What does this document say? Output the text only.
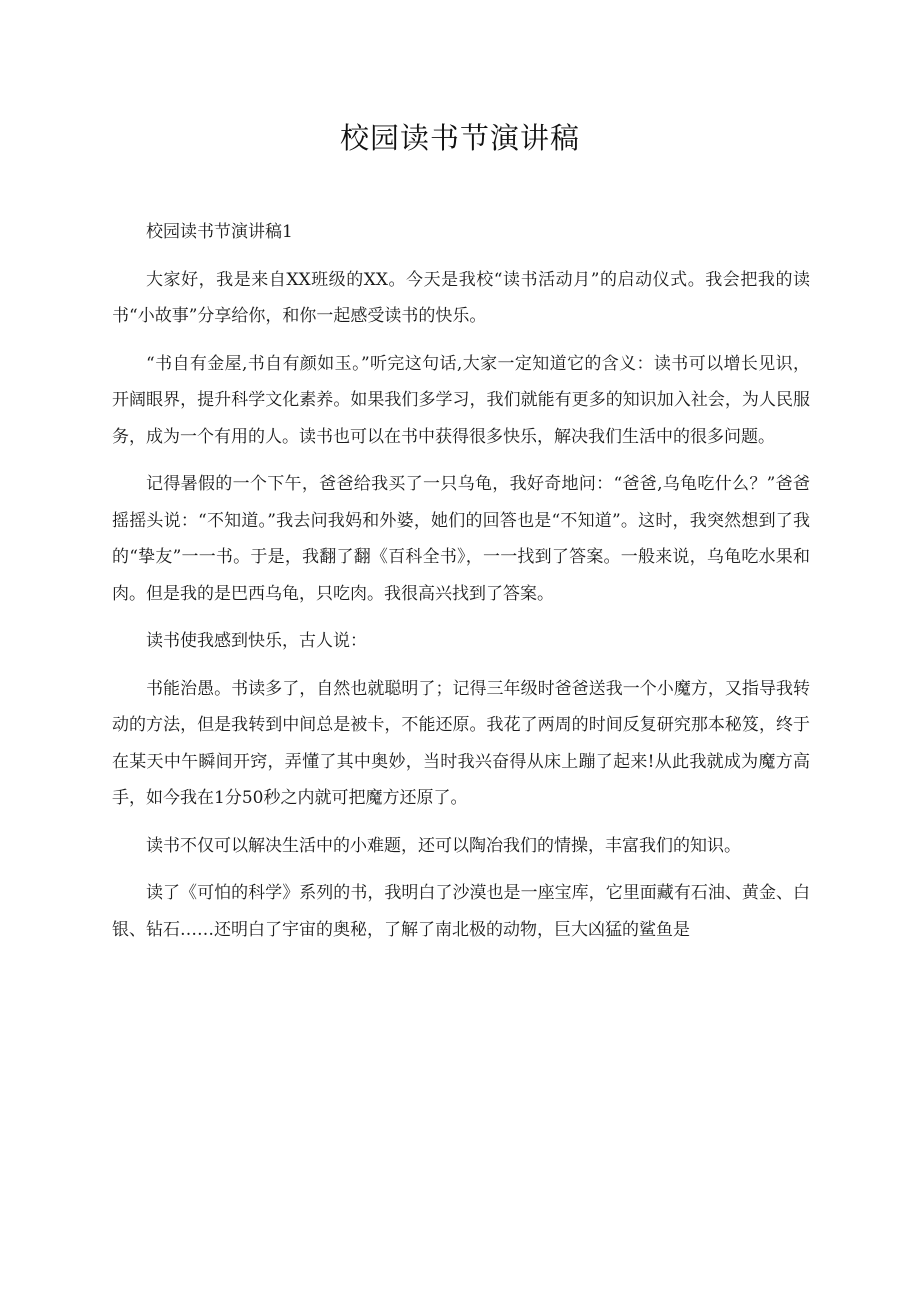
校园读书节演讲稿

校园读书节演讲稿1

大家好，我是来自XX班级的XX。今天是我校“读书活动月”的启动仪式。我会把我的读书“小故事”分享给你，和你一起感受读书的快乐。

“书自有金屋,书自有颜如玉。”听完这句话,大家一定知道它的含义：读书可以增长见识，开阔眼界，提升科学文化素养。如果我们多学习，我们就能有更多的知识加入社会，为人民服务，成为一个有用的人。读书也可以在书中获得很多快乐，解决我们生活中的很多问题。

记得暑假的一个下午，爸爸给我买了一只乌龟，我好奇地问：“爸爸,乌龟吃什么？”爸爸摇摇头说：“不知道。”我去问我妈和外婆，她们的回答也是“不知道”。这时，我突然想到了我的“挚友”一一书。于是，我翻了翻《百科全书》，一一找到了答案。一般来说，乌龟吃水果和肉。但是我的是巴西乌龟，只吃肉。我很高兴找到了答案。

读书使我感到快乐，古人说：

书能治愚。书读多了，自然也就聪明了；记得三年级时爸爸送我一个小魔方，又指导我转动的方法，但是我转到中间总是被卡，不能还原。我花了两周的时间反复研究那本秘笈，终于在某天中午瞬间开窍，弄懂了其中奥妙，当时我兴奋得从床上蹦了起来!从此我就成为魔方高手，如今我在1分50秒之内就可把魔方还原了。

读书不仅可以解决生活中的小难题，还可以陶冶我们的情操，丰富我们的知识。

读了《可怕的科学》系列的书，我明白了沙漠也是一座宝库，它里面藏有石油、黄金、白银、钻石……还明白了宇宙的奥秘，了解了南北极的动物，巨大凶猛的鲨鱼是
